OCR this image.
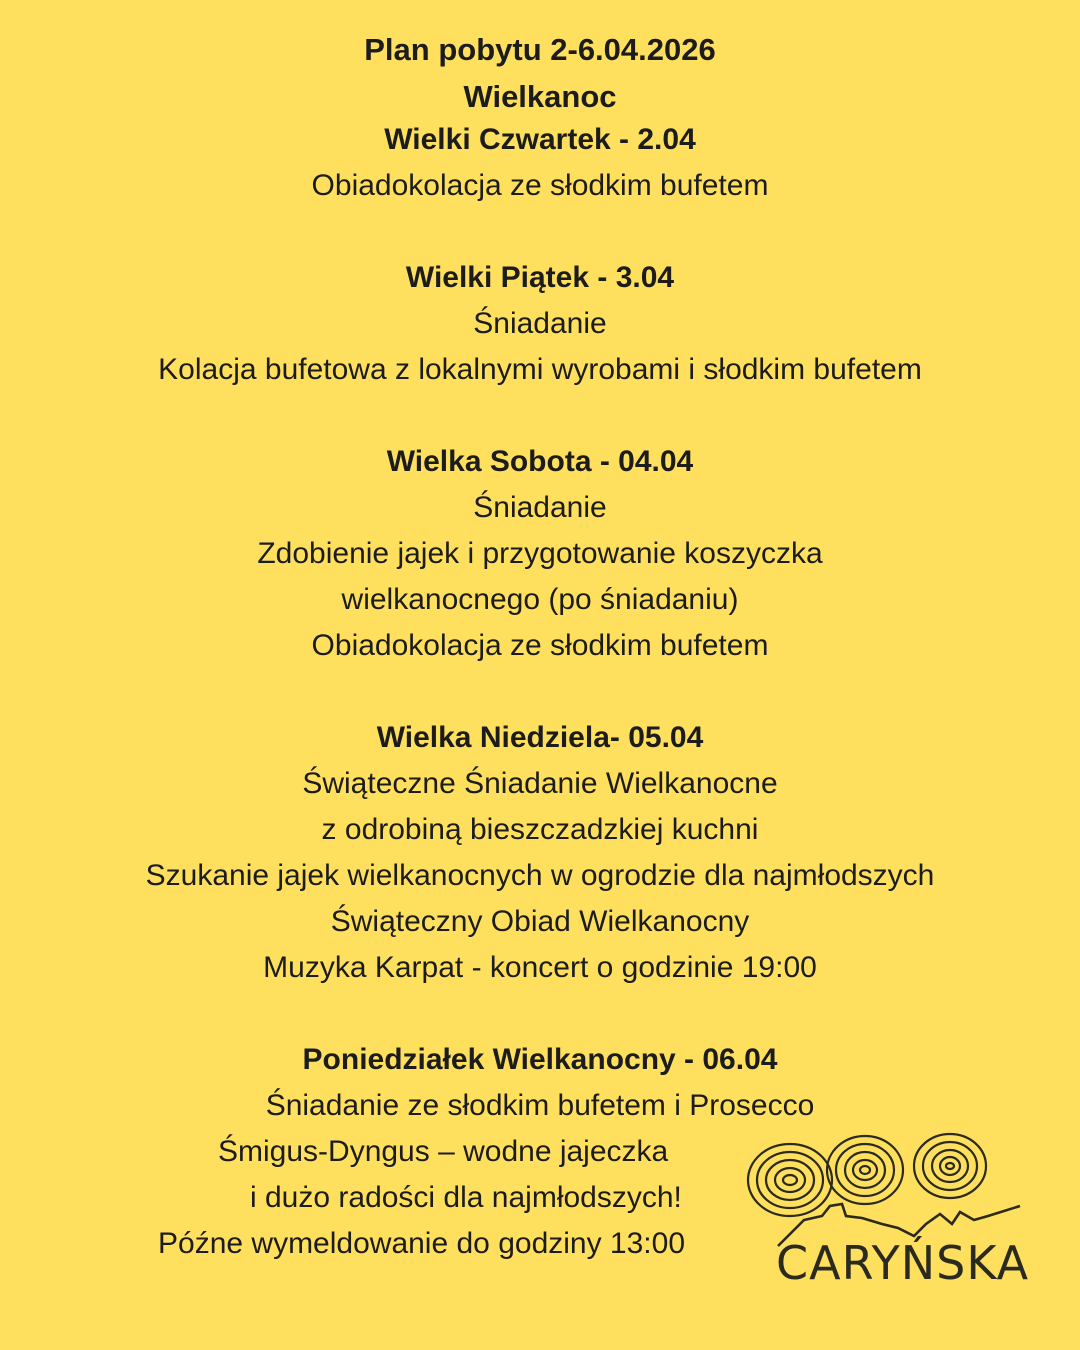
Plan pobytu 2-6.04.2026
Wielkanoc
Wielki Czwartek - 2.04
Obiadokolacja ze słodkim bufetem
Wielki Piątek - 3.04
Śniadanie
Kolacja bufetowa z lokalnymi wyrobami i słodkim bufetem
Wielka Sobota - 04.04
Śniadanie
Zdobienie jajek i przygotowanie koszyczka
wielkanocnego (po śniadaniu)
Obiadokolacja ze słodkim bufetem
Wielka Niedziela- 05.04
Świąteczne Śniadanie Wielkanocne
z odrobiną bieszczadzkiej kuchni
Szukanie jajek wielkanocnych w ogrodzie dla najmłodszych
Świąteczny Obiad Wielkanocny
Muzyka Karpat - koncert o godzinie 19:00
Poniedziałek Wielkanocny - 06.04
Śniadanie ze słodkim bufetem i Prosecco
Śmigus-Dyngus – wodne jajeczka
i dużo radości dla najmłodszych!
Późne wymeldowanie do godziny 13:00 CARYŃSKA
